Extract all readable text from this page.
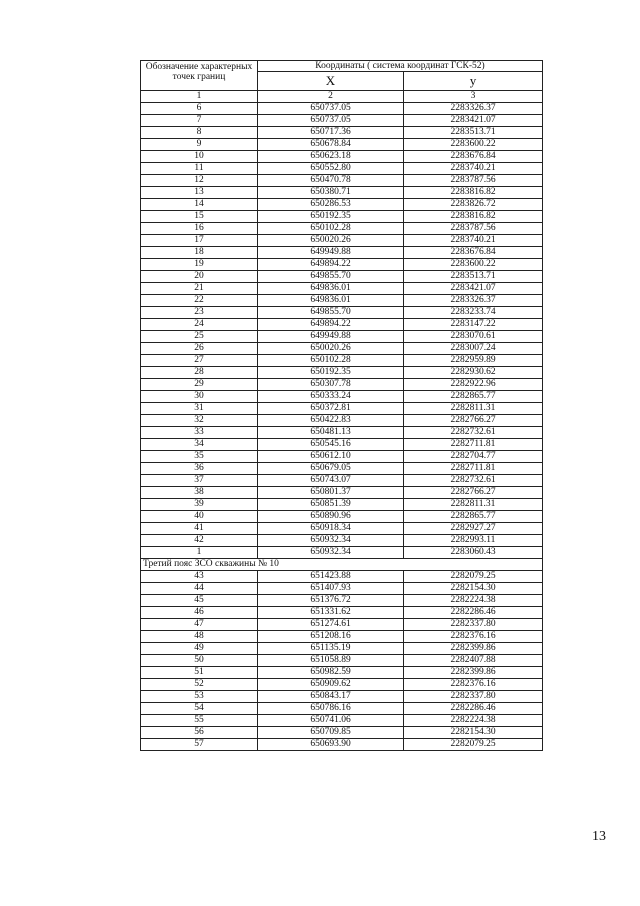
Обозначение характерных точек границ	Координаты ( система координат ГСК-52)	
	X	y
1	2	3
6	650737.05	2283326.37
7	650737.05	2283421.07
8	650717.36	2283513.71
9	650678.84	2283600.22
10	650623.18	2283676.84
11	650552.80	2283740.21
12	650470.78	2283787.56
13	650380.71	2283816.82
14	650286.53	2283826.72
15	650192.35	2283816.82
16	650102.28	2283787.56
17	650020.26	2283740.21
18	649949.88	2283676.84
19	649894.22	2283600.22
20	649855.70	2283513.71
21	649836.01	2283421.07
22	649836.01	2283326.37
23	649855.70	2283233.74
24	649894.22	2283147.22
25	649949.88	2283070.61
26	650020.26	2283007.24
27	650102.28	2282959.89
28	650192.35	2282930.62
29	650307.78	2282922.96
30	650333.24	2282865.77
31	650372.81	2282811.31
32	650422.83	2282766.27
33	650481.13	2282732.61
34	650545.16	2282711.81
35	650612.10	2282704.77
36	650679.05	2282711.81
37	650743.07	2282732.61
38	650801.37	2282766.27
39	650851.39	2282811.31
40	650890.96	2282865.77
41	650918.34	2282927.27
42	650932.34	2282993.11
1	650932.34	2283060.43
Третий пояс ЗСО скважины № 10		
43	651423.88	2282079.25
44	651407.93	2282154.30
45	651376.72	2282224.38
46	651331.62	2282286.46
47	651274.61	2282337.80
48	651208.16	2282376.16
49	651135.19	2282399.86
50	651058.89	2282407.88
51	650982.59	2282399.86
52	650909.62	2282376.16
53	650843.17	2282337.80
54	650786.16	2282286.46
55	650741.06	2282224.38
56	650709.85	2282154.30
57	650693.90	2282079.25
13
